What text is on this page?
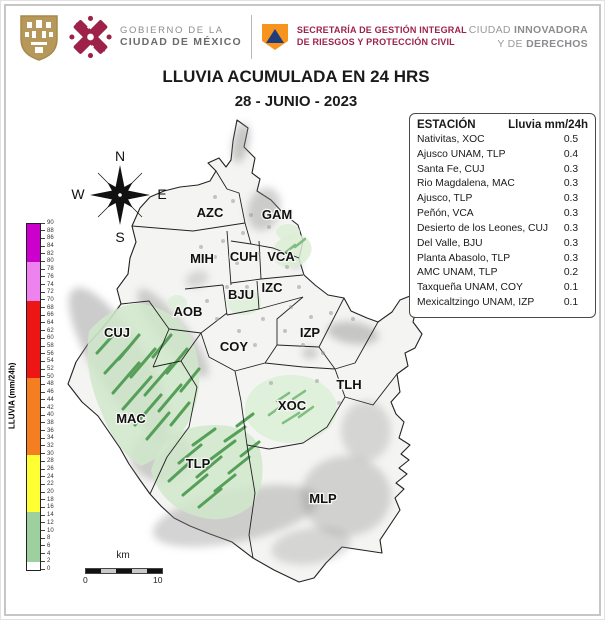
GOBIERNO DE LA
CIUDAD DE MÉXICO
SECRETARÍA DE GESTIÓN INTEGRAL
DE RIESGOS Y PROTECCIÓN CIVIL
CIUDAD INNOVADORA
Y DE DERECHOS
LLUVIA ACUMULADA EN 24 HRS
28 - JUNIO - 2023
AZC	GAM
MIH CUH VCA
BJU IZC
AOB
CUJ
COY
IZP
MAC
XOC
TLH
TLP
MLP
N
E
S
W
LLUVIA (mm/24h)
0
2
4
6
8
10
12
14
16
18
20
22
24
26
28
30
32
34
36
38
40
42
44
46
48
50
52
54
56
58
60
62
64
66
68
70
72
74
76
78
80
82
84
86
88
90
ESTACIÓN	Lluvia mm/24h
Nativitas, XOC	0.5
Ajusco UNAM, TLP	0.4
Santa Fe, CUJ	0.3
Rio Magdalena, MAC	0.3
Ajusco, TLP	0.3
Peñón, VCA	0.3
Desierto de los Leones, CUJ	0.3
Del Valle, BJU	0.3
Planta Abasolo, TLP	0.3
AMC UNAM, TLP	0.2
Taxqueña UNAM, COY	0.1
Mexicaltzingo UNAM, IZP	0.1
km
0	10
